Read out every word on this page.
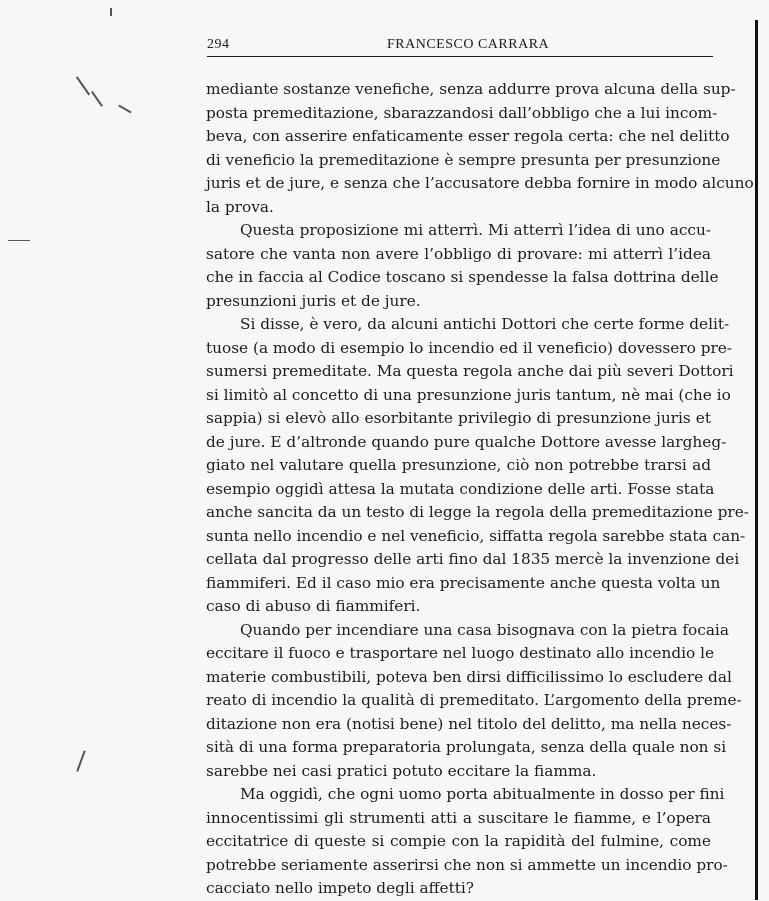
294	FRANCESCO CARRARA
mediante sostanze venefiche, senza addurre prova alcuna della sup-
posta premeditazione, sbarazzandosi dall’obbligo che a lui incom-
beva, con asserire enfaticamente esser regola certa: che nel delitto
di veneficio la premeditazione è sempre presunta per presunzione
juris et de jure, e senza che l’accusatore debba fornire in modo alcuno
la prova.
Questa proposizione mi atterrì. Mi atterrì l’idea di uno accu-
satore che vanta non avere l’obbligo di provare: mi atterrì l’idea
che in faccia al Codice toscano si spendesse la falsa dottrina delle
presunzioni juris et de jure.
Si disse, è vero, da alcuni antichi Dottori che certe forme delit-
tuose (a modo di esempio lo incendio ed il veneficio) dovessero pre-
sumersi premeditate. Ma questa regola anche dai più severi Dottori
si limitò al concetto di una presunzione juris tantum, nè mai (che io
sappia) si elevò allo esorbitante privilegio di presunzione juris et
de jure. E d’altronde quando pure qualche Dottore avesse largheg-
giato nel valutare quella presunzione, ciò non potrebbe trarsi ad
esempio oggidì attesa la mutata condizione delle arti. Fosse stata
anche sancita da un testo di legge la regola della premeditazione pre-
sunta nello incendio e nel veneficio, siffatta regola sarebbe stata can-
cellata dal progresso delle arti fino dal 1835 mercè la invenzione dei
fiammiferi. Ed il caso mio era precisamente anche questa volta un
caso di abuso di fiammiferi.
Quando per incendiare una casa bisognava con la pietra focaia
eccitare il fuoco e trasportare nel luogo destinato allo incendio le
materie combustibili, poteva ben dirsi difficilissimo lo escludere dal
reato di incendio la qualità di premeditato. L’argomento della preme-
ditazione non era (notisi bene) nel titolo del delitto, ma nella neces-
sità di una forma preparatoria prolungata, senza della quale non si
sarebbe nei casi pratici potuto eccitare la fiamma.
Ma oggidì, che ogni uomo porta abitualmente in dosso per fini
innocentissimi gli strumenti atti a suscitare le fiamme, e l’opera
eccitatrice di queste si compie con la rapidità del fulmine, come
potrebbe seriamente asserirsi che non si ammette un incendio pro-
cacciato nello impeto degli affetti?
